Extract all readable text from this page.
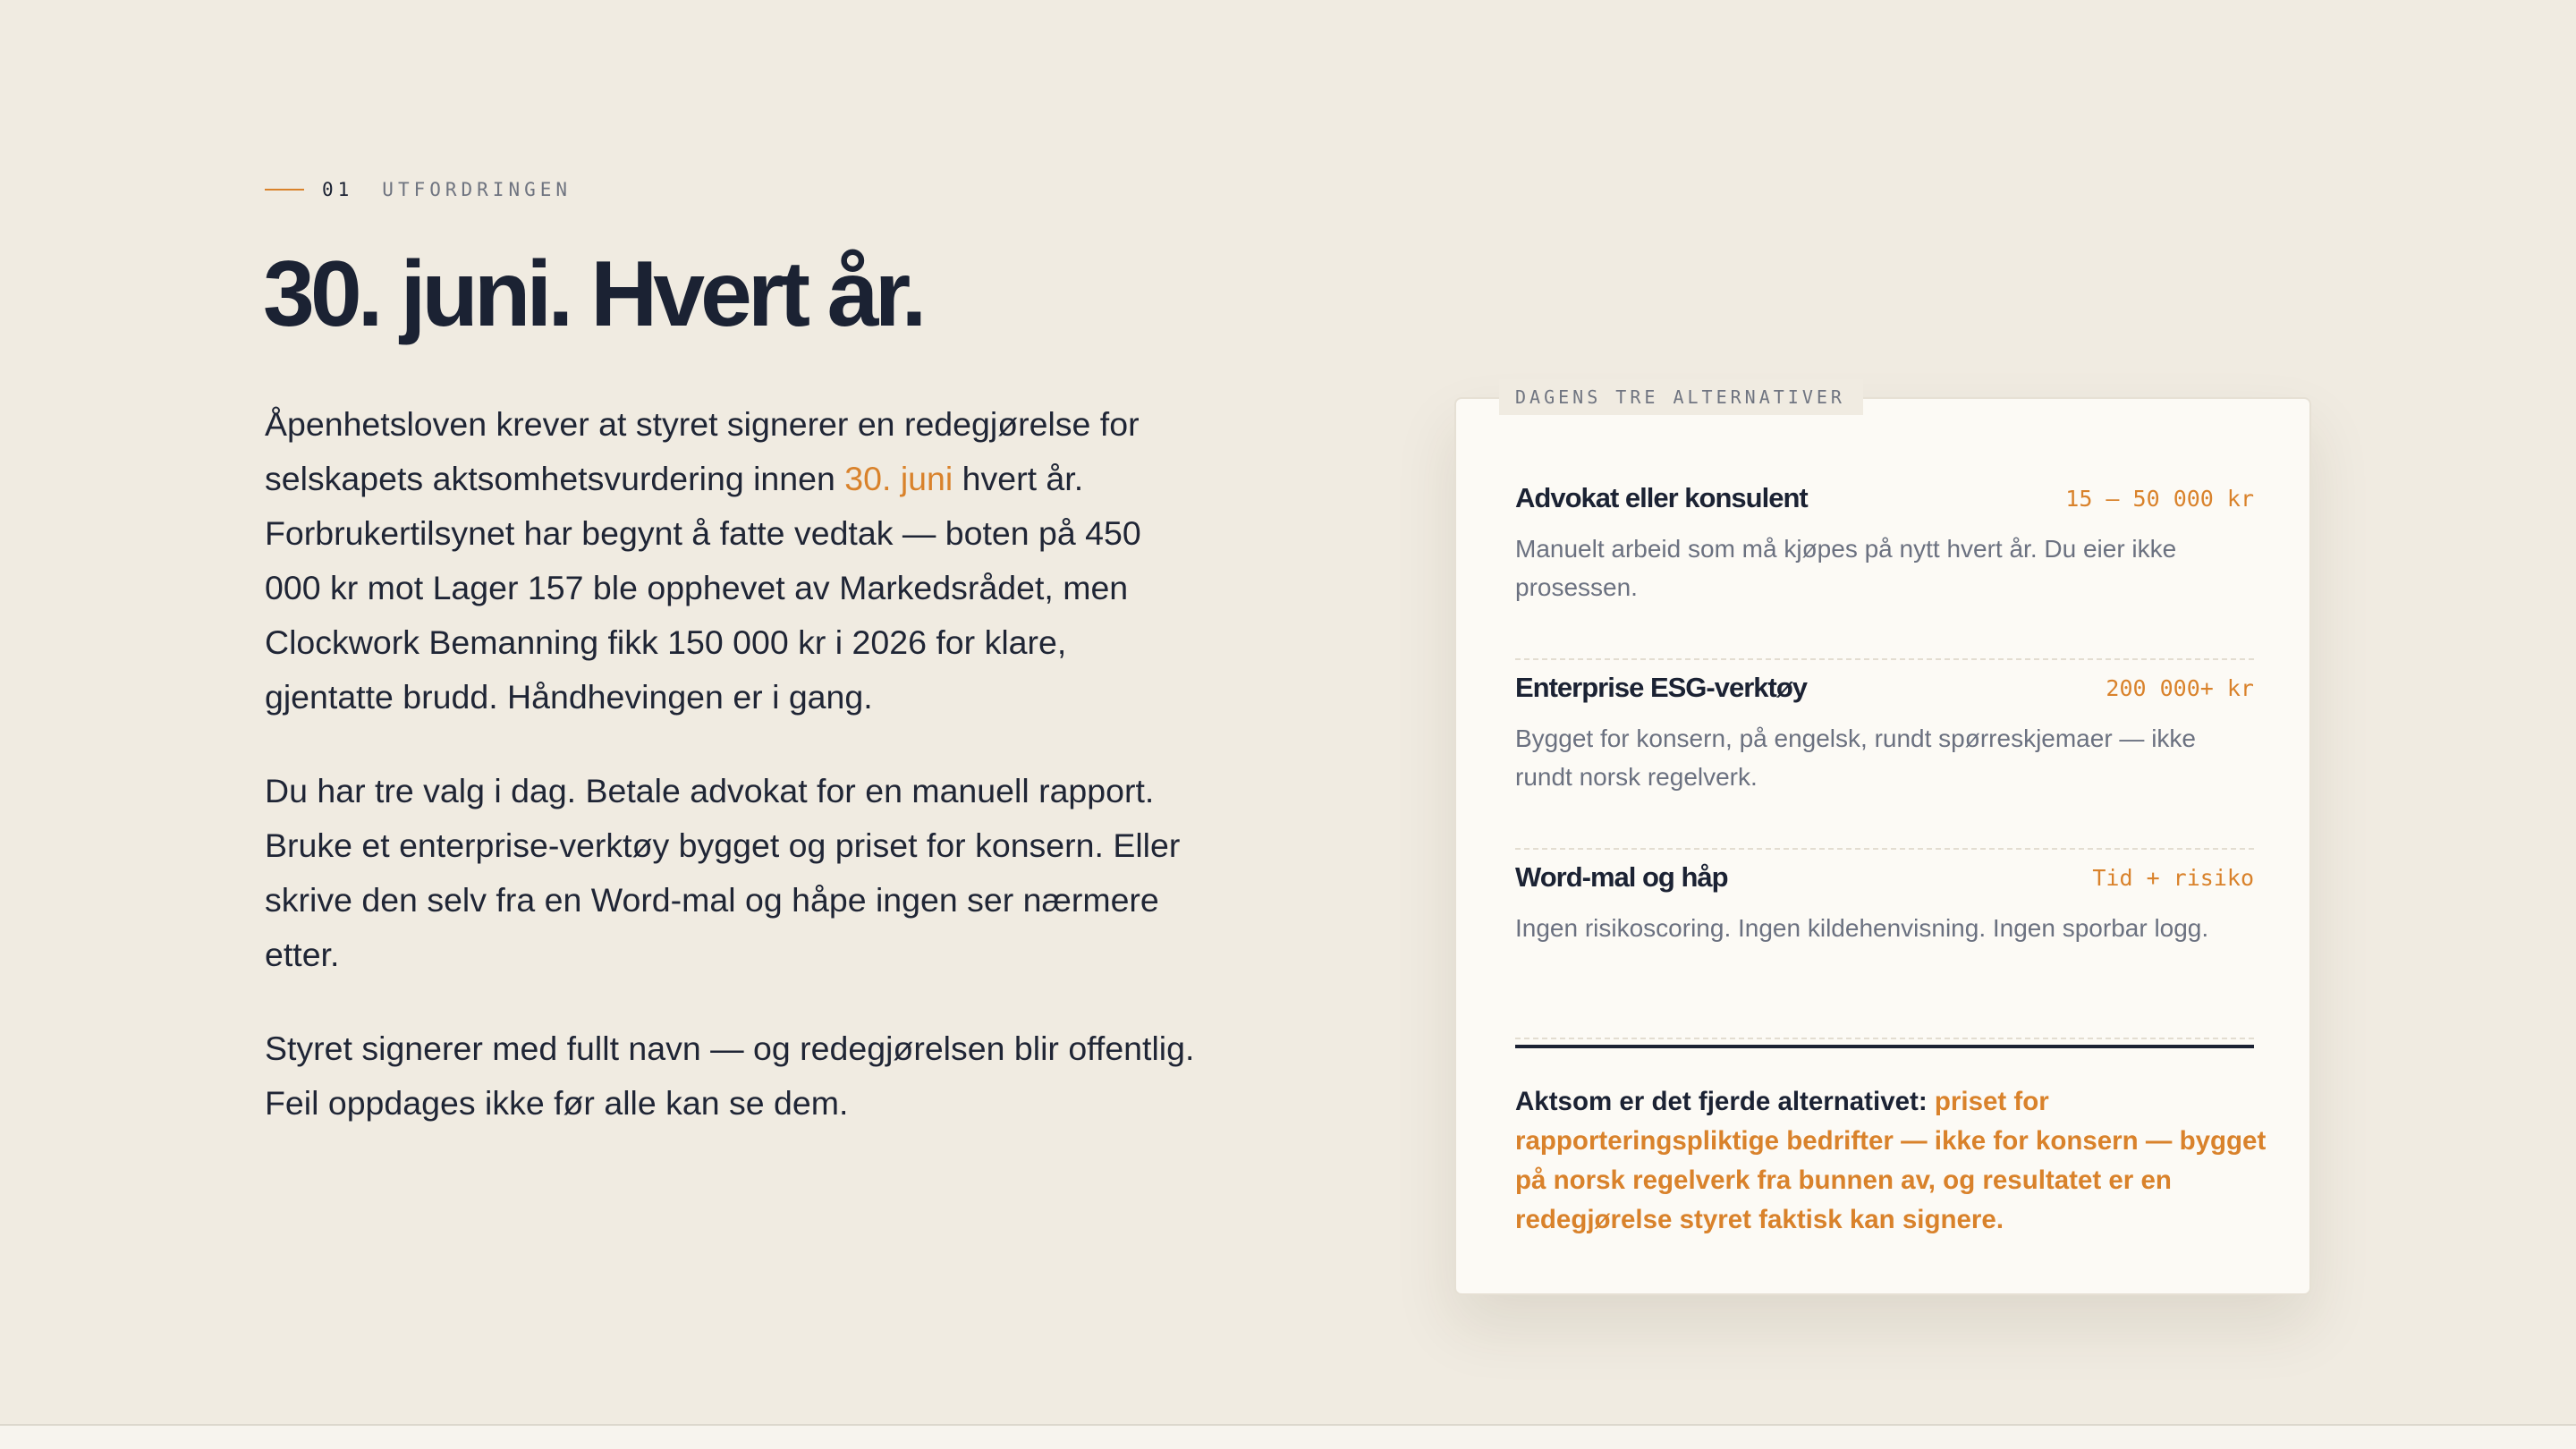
01 UTFORDRINGEN
30. juni. Hvert år.

Åpenhetsloven krever at styret signerer en redegjørelse for selskapets aktsomhetsvurdering innen 30. juni hvert år. Forbrukertilsynet har begynt å fatte vedtak — boten på 450 000 kr mot Lager 157 ble opphevet av Markedsrådet, men Clockwork Bemanning fikk 150 000 kr i 2026 for klare, gjentatte brudd. Håndhevingen er i gang.

Du har tre valg i dag. Betale advokat for en manuell rapport. Bruke et enterprise-verktøy bygget og priset for konsern. Eller skrive den selv fra en Word-mal og håpe ingen ser nærmere etter.

Styret signerer med fullt navn — og redegjørelsen blir offentlig. Feil oppdages ikke før alle kan se dem.

DAGENS TRE ALTERNATIVER
Advokat eller konsulent	15 – 50 000 kr
Manuelt arbeid som må kjøpes på nytt hvert år. Du eier ikke prosessen.
Enterprise ESG-verktøy	200 000+ kr
Bygget for konsern, på engelsk, rundt spørreskjemaer — ikke rundt norsk regelverk.
Word-mal og håp	Tid + risiko
Ingen risikoscoring. Ingen kildehenvisning. Ingen sporbar logg.

Aktsom er det fjerde alternativet: priset for rapporteringspliktige bedrifter — ikke for konsern — bygget på norsk regelverk fra bunnen av, og resultatet er en redegjørelse styret faktisk kan signere.
